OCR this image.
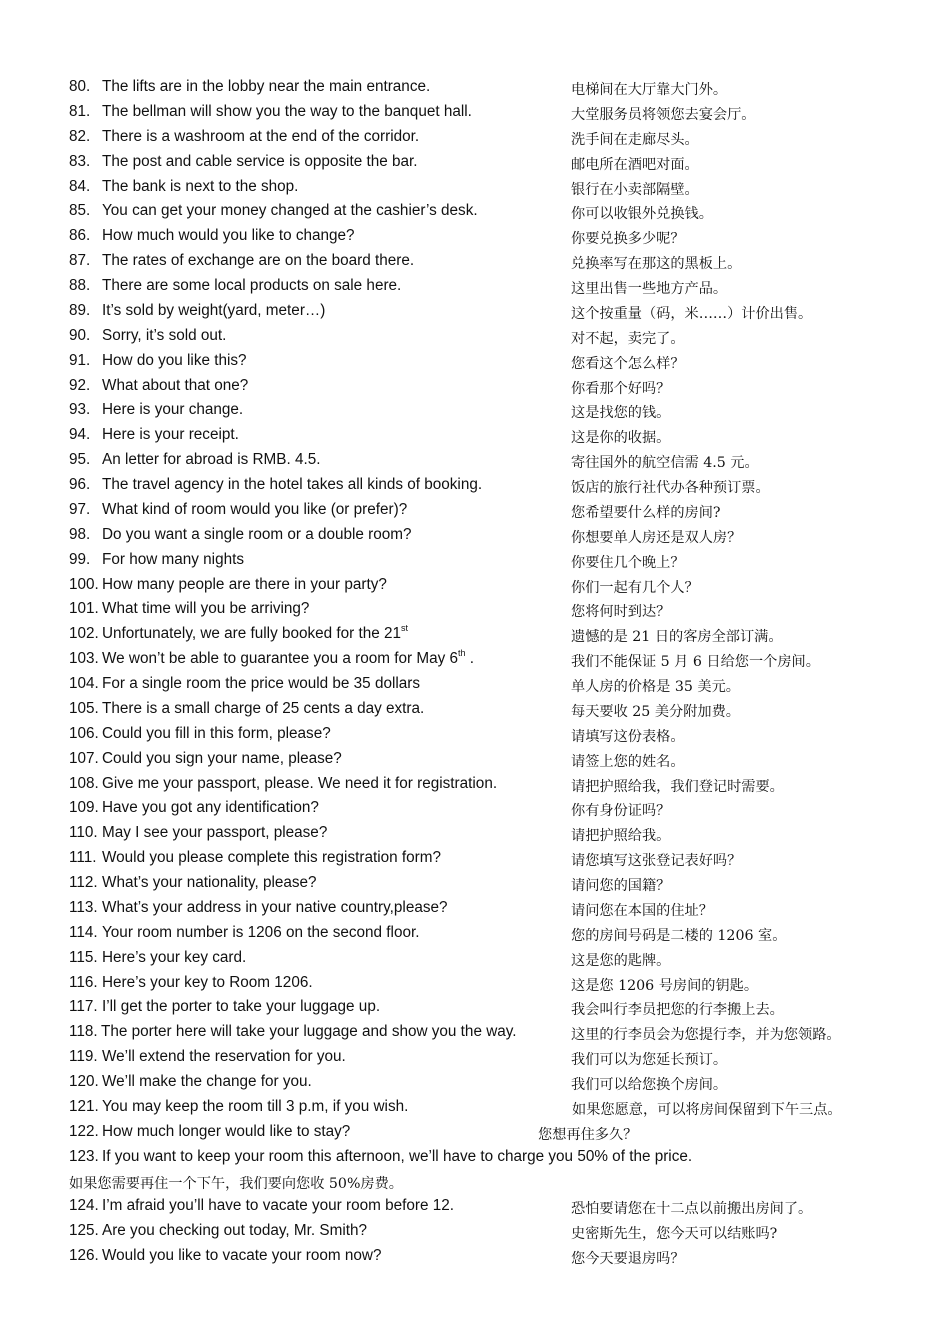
80. The lifts are in the lobby near the main entrance.	电梯间在大厅靠大门外。
81. The bellman will show you the way to the banquet hall.	大堂服务员将领您去宴会厅。
82. There is a washroom at the end of the corridor.	洗手间在走廊尽头。
83. The post and cable service is opposite the bar.	邮电所在酒吧对面。
84. The bank is next to the shop.	银行在小卖部隔壁。
85. You can get your money changed at the cashier’s desk.	你可以收银外兑换钱。
86. How much would you like to change?	你要兑换多少呢？
87. The rates of exchange are on the board there.	兑换率写在那这的黑板上。
88. There are some local products on sale here.	这里出售一些地方产品。
89. It’s sold by weight(yard, meter…)	这个按重量（码，米……）计价出售。
90. Sorry, it’s sold out.	对不起，卖完了。
91. How do you like this?	您看这个怎么样？
92. What about that one?	你看那个好吗？
93. Here is your change.	这是找您的钱。
94. Here is your receipt.	这是你的收据。
95. An letter for abroad is RMB. 4.5.	寄往国外的航空信需 4.5 元。
96. The travel agency in the hotel takes all kinds of booking.	饭店的旅行社代办各种预订票。
97. What kind of room would you like (or prefer)?	您希望要什么样的房间?
98. Do you want a single room or a double room?	你想要单人房还是双人房？
99. For how many nights	你要住几个晚上？
100. How many people are there in your party?	你们一起有几个人？
101. What time will you be arriving?	您将何时到达？
102. Unfortunately, we are fully booked for the 21st
遗憾的是 21 日的客房全部订满。
103. We won’t be able to guarantee you a room for May 6th .	我们不能保证 5 月 6 日给您一个房间。
104. For a single room the price would be 35 dollars	单人房的价格是 35 美元。
105. There is a small charge of 25 cents a day extra.	每天要收 25 美分附加费。
106. Could you fill in this form, please?	请填写这份表格。
107. Could you sign your name, please?	请签上您的姓名。
108. Give me your passport, please. We need it for registration.	请把护照给我，我们登记时需要。
109. Have you got any identification?	你有身份证吗？
110. May I see your passport, please?	请把护照给我。
111. Would you please complete this registration form?	请您填写这张登记表好吗？
112. What’s your nationality, please?	请问您的国籍？
113. What’s your address in your native country,please?	请问您在本国的住址？
114. Your room number is 1206 on the second floor.	您的房间号码是二楼的 1206 室。
115. Here’s your key card.	这是您的匙牌。
116. Here’s your key to Room 1206.	这是您 1206 号房间的钥匙。
117. I’ll get the porter to take your luggage up.	我会叫行李员把您的行李搬上去。
118. The porter here will take your luggage and show you the way.	这里的行李员会为您提行李，并为您领路。
119. We’ll extend the reservation for you.	我们可以为您延长预订。
120. We’ll make the change for you.	我们可以给您换个房间。
121. You may keep the room till 3 p.m, if you wish.	如果您愿意，可以将房间保留到下午三点。
122. How much longer would like to stay?	您想再住多久？
123. If you want to keep your room this afternoon, we’ll have to charge you 50% of the price.
如果您需要再住一个下午，我们要向您收 50%房费。
124. I’m afraid you’ll have to vacate your room before 12.	恐怕要请您在十二点以前搬出房间了。
125. Are you checking out today, Mr. Smith?	史密斯先生，您今天可以结账吗?
126. Would you like to vacate your room now?	您今天要退房吗？
